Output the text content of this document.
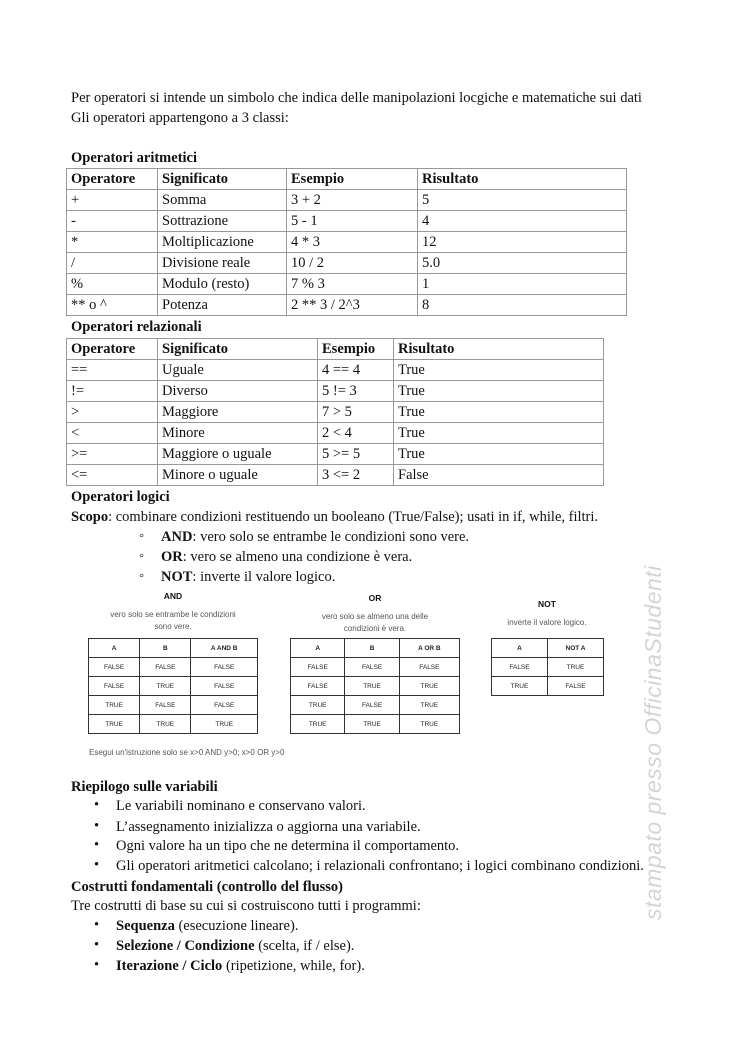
Per operatori si intende un simbolo che indica delle manipolazioni locgiche e matematiche sui dati
Gli operatori appartengono a 3 classi:
Operatori aritmetici
Operatore	Significato	Esempio	Risultato
+	Somma	3 + 2	5
-	Sottrazione	5 - 1	4
*	Moltiplicazione	4 * 3	12
/	Divisione reale	10 / 2	5.0
%	Modulo (resto)	7 % 3	1
** o ^	Potenza	2 ** 3 / 2^3	8
Operatori relazionali
Operatore	Significato	Esempio	Risultato
==	Uguale	4 == 4	True
!=	Diverso	5 != 3	True
>	Maggiore	7 > 5	True
<	Minore	2 < 4	True
>=	Maggiore o uguale	5 >= 5	True
<=	Minore o uguale	3 <= 2	False
Operatori logici
Scopo: combinare condizioni restituendo un booleano (True/False); usati in if, while, filtri.
◦ AND: vero solo se entrambe le condizioni sono vere.
◦ OR: vero se almeno una condizione è vera.
◦ NOT: inverte il valore logico.
AND
vero solo se entrambe le condizioni
sono vere.
A	B	A AND B
FALSE	FALSE	FALSE
FALSE	TRUE	FALSE
TRUE	FALSE	FALSE
TRUE	TRUE	TRUE
OR
vero solo se almeno una delle
condizioni è vera.
A	B	A OR B
FALSE	FALSE	FALSE
FALSE	TRUE	TRUE
TRUE	FALSE	TRUE
TRUE	TRUE	TRUE
NOT
inverte il valore logico.
A	NOT A
FALSE	TRUE
TRUE	FALSE
Esegui un'istruzione solo se x>0 AND y>0; x>0 OR y>0
Riepilogo sulle variabili
• Le variabili nominano e conservano valori.
• L’assegnamento inizializza o aggiorna una variabile.
• Ogni valore ha un tipo che ne determina il comportamento.
• Gli operatori aritmetici calcolano; i relazionali confrontano; i logici combinano condizioni.
Costrutti fondamentali (controllo del flusso)
Tre costrutti di base su cui si costruiscono tutti i programmi:
• Sequenza (esecuzione lineare).
• Selezione / Condizione (scelta, if / else).
• Iterazione / Ciclo (ripetizione, while, for).
stampato presso OfficinaStudenti
